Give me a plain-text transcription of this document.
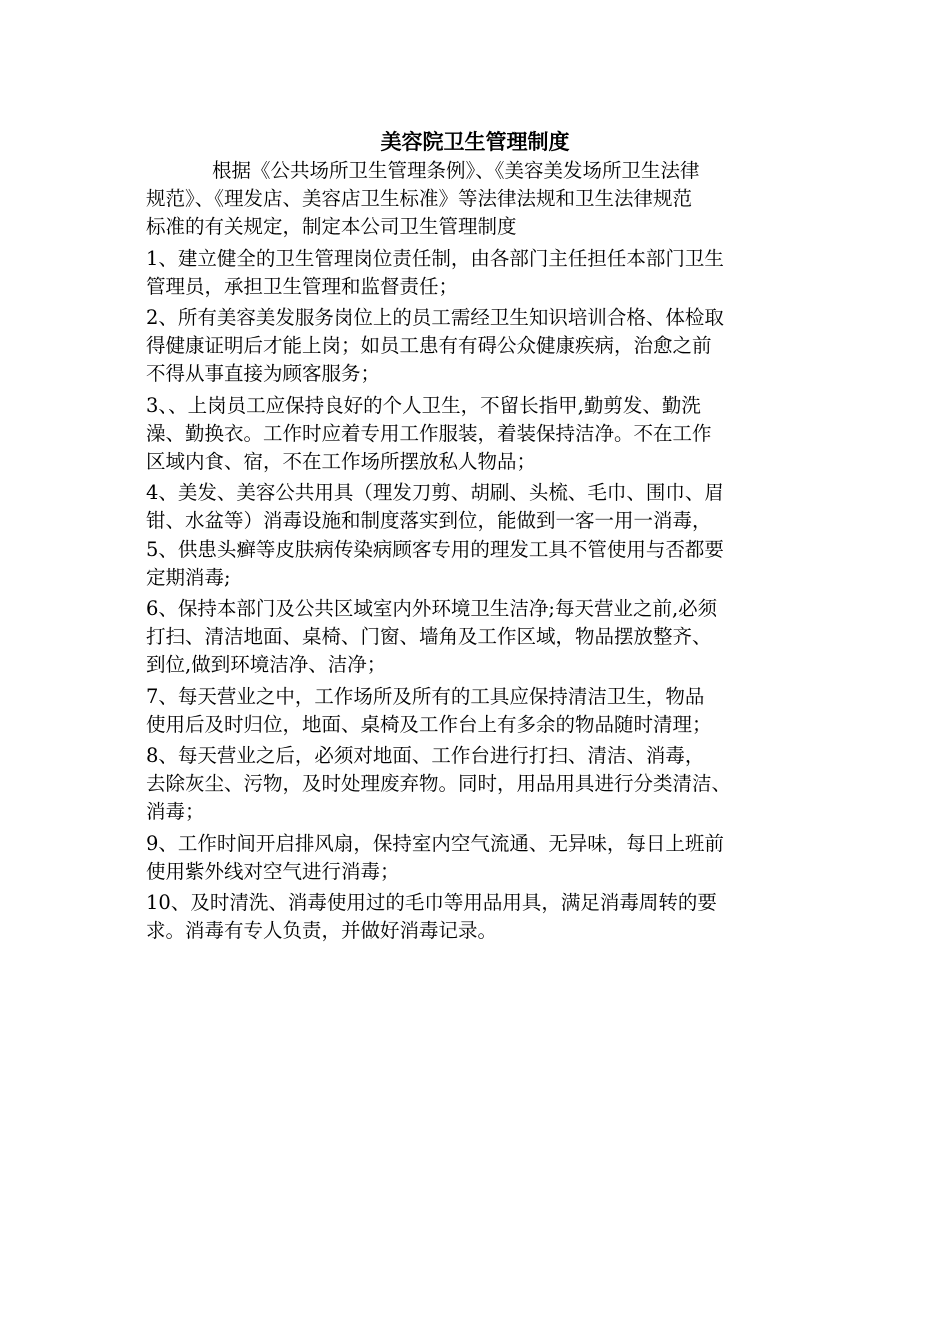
美容院卫生管理制度
根据《公共场所卫生管理条例》、《美容美发场所卫生法律
规范》、《理发店、美容店卫生标准》等法律法规和卫生法律规范
标准的有关规定，制定本公司卫生管理制度
1、建立健全的卫生管理岗位责任制，由各部门主任担任本部门卫生
管理员，承担卫生管理和监督责任；
2、所有美容美发服务岗位上的员工需经卫生知识培训合格、体检取
得健康证明后才能上岗；如员工患有有碍公众健康疾病，治愈之前
不得从事直接为顾客服务；
3、、上岗员工应保持良好的个人卫生，不留长指甲,勤剪发、勤洗
澡、勤换衣。工作时应着专用工作服装，着装保持洁净。不在工作
区域内食、宿，不在工作场所摆放私人物品；
4、美发、美容公共用具（理发刀剪、胡刷、头梳、毛巾、围巾、眉
钳、水盆等）消毒设施和制度落实到位，能做到一客一用一消毒，
5、供患头癣等皮肤病传染病顾客专用的理发工具不管使用与否都要
定期消毒;
6、保持本部门及公共区域室内外环境卫生洁净;每天营业之前,必须
打扫、清洁地面、桌椅、门窗、墙角及工作区域，物品摆放整齐、
到位,做到环境洁净、洁净；
7、每天营业之中，工作场所及所有的工具应保持清洁卫生，物品
使用后及时归位，地面、桌椅及工作台上有多余的物品随时清理；
8、每天营业之后，必须对地面、工作台进行打扫、清洁、消毒，
去除灰尘、污物，及时处理废弃物。同时，用品用具进行分类清洁、
消毒；
9、工作时间开启排风扇，保持室内空气流通、无异味，每日上班前
使用紫外线对空气进行消毒；
10、及时清洗、消毒使用过的毛巾等用品用具，满足消毒周转的要
求。消毒有专人负责，并做好消毒记录。
